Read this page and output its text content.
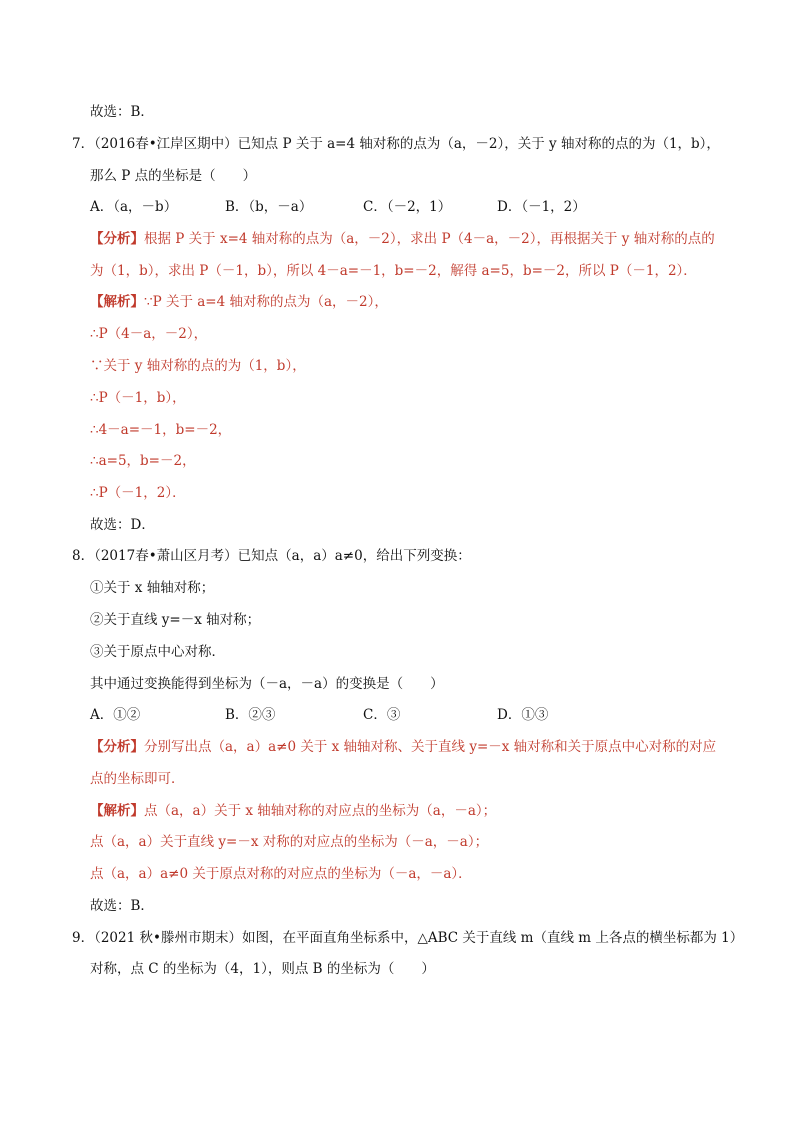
故选：B．
7．（2016春•江岸区期中）已知点 P 关于 a=4 轴对称的点为（a，－2），关于 y 轴对称的点的为（1，b），
那么 P 点的坐标是（　　）
A．（a，－b）	B．（b，－a）	C．（－2，1）	D．（－1，2）
【分析】根据 P 关于 x=4 轴对称的点为（a，－2），求出 P（4－a，－2），再根据关于 y 轴对称的点的
为（1，b），求出 P（－1，b），所以 4－a=－1，b=－2，解得 a=5，b=－2，所以 P（－1，2）．
【解析】∵P 关于 a=4 轴对称的点为（a，－2），
∴P（4－a，－2），
∵关于 y 轴对称的点的为（1，b），
∴P（－1，b），
∴4－a=－1，b=－2，
∴a=5，b=－2，
∴P（－1，2）．
故选：D．
8．（2017春•萧山区月考）已知点（a，a）a≠0，给出下列变换：
①关于 x 轴轴对称；
②关于直线 y=－x 轴对称；
③关于原点中心对称．
其中通过变换能得到坐标为（－a，－a）的变换是（　　）
A．①②	B．②③	C．③	D．①③
【分析】分别写出点（a，a）a≠0 关于 x 轴轴对称、关于直线 y=－x 轴对称和关于原点中心对称的对应
点的坐标即可．
【解析】点（a，a）关于 x 轴轴对称的对应点的坐标为（a，－a）；
点（a，a）关于直线 y=－x 对称的对应点的坐标为（－a，－a）；
点（a，a）a≠0 关于原点对称的对应点的坐标为（－a，－a）．
故选：B．
9．（2021 秋•滕州市期末）如图，在平面直角坐标系中，△ABC 关于直线 m（直线 m 上各点的横坐标都为 1）
对称，点 C 的坐标为（4，1），则点 B 的坐标为（　　）
